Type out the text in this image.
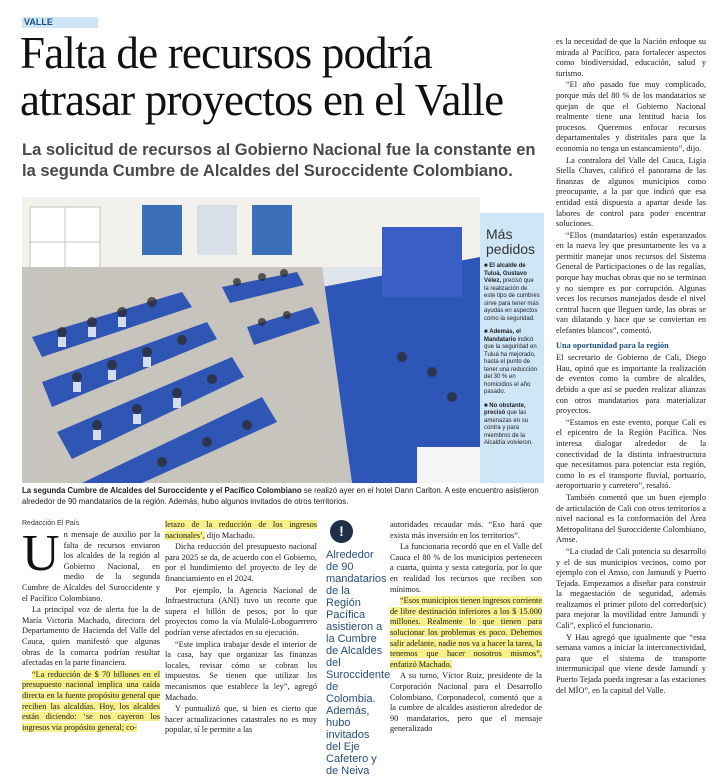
VALLE
Falta de recursos podría atrasar proyectos en el Valle
La solicitud de recursos al Gobierno Nacional fue la constante en la segunda Cumbre de Alcaldes del Suroccidente Colombiano.
Más pedidos
■ El alcalde de Tuluá, Gustavo Vélez, precisó que la realización de este tipo de cumbres sirve para tener más ayudas en aspectos como la seguridad.
■ Además, el Mandatario indicó que la seguridad en Tuluá ha mejorado, hasta el punto de tener una reducción del 30 % en homicidios el año pasado.
■ No obstante, precisó que las amenazas en su contra y para miembros de la Alcaldía volvieron.

La segunda Cumbre de Alcaldes del Suroccidente y el Pacífico Colombiano se realizó ayer en el hotel Dann Carlton. A este encuentro asistieron alrededor de 90 mandatarios de la región. Además, hubo algunos invitados de otros territorios.

Redacción El País

Un mensaje de auxilio por la falta de recursos enviaron los alcaldes de la región al Gobierno Nacional, en medio de la segunda Cumbre de Alcaldes del Suroccidente y el Pacífico Colombiano.

La principal voz de alerta fue la de María Victoria Machado, directora del Departamento de Hacienda del Valle del Cauca, quien manifestó que algunas obras de la comarca podrían resultar afectadas en la parte financiera.

“La reducción de $ 70 billones en el presupuesto nacional implica una caída directa en la fuente propósito general que reciben las alcaldías. Hoy, los alcaldes están diciendo: ‘se nos cayeron los ingresos via propósito general; co-

letazo de la reducción de los ingresos nacionales’, dijo Machado.

Dicha reducción del presupuesto nacional para 2025 se da, de acuerdo con el Gobierno, por el hundimiento del proyecto de ley de financiamiento en el 2024.

Por ejemplo, la Agencia Nacional de Infraestructura (ANI) tuvo un recorte que supera el billón de pesos, por lo que proyectos como la vía Mulaló-Loboguerrero podrían verse afectados en su ejecución.

“Este implica trabajar desde el interior de la casa, hay que organizar las finanzas locales, revisar cómo se cobran los impuestos. Se tienen que utilizar los mecanismos que establece la ley”, agregó Machado.

Y puntualizó que, si bien es cierto que hacer actualizaciones catastrales no es muy popular, sí le permite a las

!
Alrededor de 90 mandatarios de la Región Pacífica asistieron a la Cumbre de Alcaldes del Suroccidente de Colombia. Además, hubo invitados del Eje Cafetero y de Neiva

autoridades recaudar más. “Eso hará que exista más inversión en los territorios”.

La funcionaria recordó que en el Valle del Cauca el 80 % de los municipios pertenecen a cuarta, quinta y sexta categoría, por lo que en realidad los recursos que reciben son mínimos.

“Esos municipios tienen ingresos corriente de libre destinación inferiores a los $ 15.000 millones. Realmente lo que tienen para solucionar los problemas es poco. Debemos salir adelante, nadie nos va a hacer la tarea, la tenemos que hacer nosotros mismos”, enfatizó Machado.

A su turno, Víctor Ruiz, presidente de la Corporación Nacional para el Desarrollo Colombiano, Corponadecol, comentó que a la cumbre de alcaldes asistieron alrededor de 90 mandatarios, pero que el mensaje generalizado

es la necesidad de que la Nación enfoque su mirada al Pacífico, para fortalecer aspectos como biodiversidad, educación, salud y turismo.

“El año pasado fue muy complicado, porque más del 80 % de los mandatarios se quejan de que el Gobierno Nacional realmente tiene una lentitud hacia los procesos. Queremos enfocar recursos departamentales y distritales para que la economía no tenga un estancamiento”, dijo.

La contralora del Valle del Cauca, Ligia Stella Chaves, calificó el panorama de las finanzas de algunos municipios como preocupante, a la par que indicó que esa entidad está dispuesta a apartar desde las labores de control para poder encentrar soluciones.

“Ellos (mandatarios) están esperanzados en la nueva ley que presuntamente les va a permitir manejar unos recursos del Sistema General de Participaciones o de las regalías, porque hay muchas obras que no se terminan y no siempre es por corrupción. Algunas veces los recursos manejados desde el nivel central hacen que lleguen tarde, las obras se van dilatando y hace que se conviertan en elefantes blancos”, comentó.

Una oportunidad para la región

El secretario de Gobierno de Cali, Diego Hau, opinó que es importante la realización de eventos como la cumbre de alcaldes, debido a que así se pueden realizar alianzas con otros mandatarios para materializar proyectos.

“Estamos en este evento, porque Cali es el epicentro de la Región Pacífica. Nos interesa dialogar alrededor de la conectividad de la distinta infraestructura que necesitamos para potenciar esta región, como lo es el transporte fluvial, portuario, aeroportuario y carretero”, resaltó.

También comentó que un buen ejemplo de articulación de Cali con otros territorios a nivel nacional es la conformación del Área Metropolitana del Suroccidente Colombiano, Amse.

“La ciudad de Cali potencia su desarrollo y el de sus municipios vecinos, como por ejemplo con el Amso, con Jamundí y Puerto Tejada. Empezamos a diseñar para construir la megaestación de seguridad, además realizamos el primer piloto del corredor(sic) para mejorar la movilidad entre Jamundí y Cali”, explicó el funcionario.

Y Hau agregó que igualmente que “esta semana vamos a iniciar la interconectividad, para que el sistema de transporte intermunicipal que viene desde Jamundí y Puerto Tejada pueda ingresar a las estaciones del MÍO”, en la capital del Valle.
